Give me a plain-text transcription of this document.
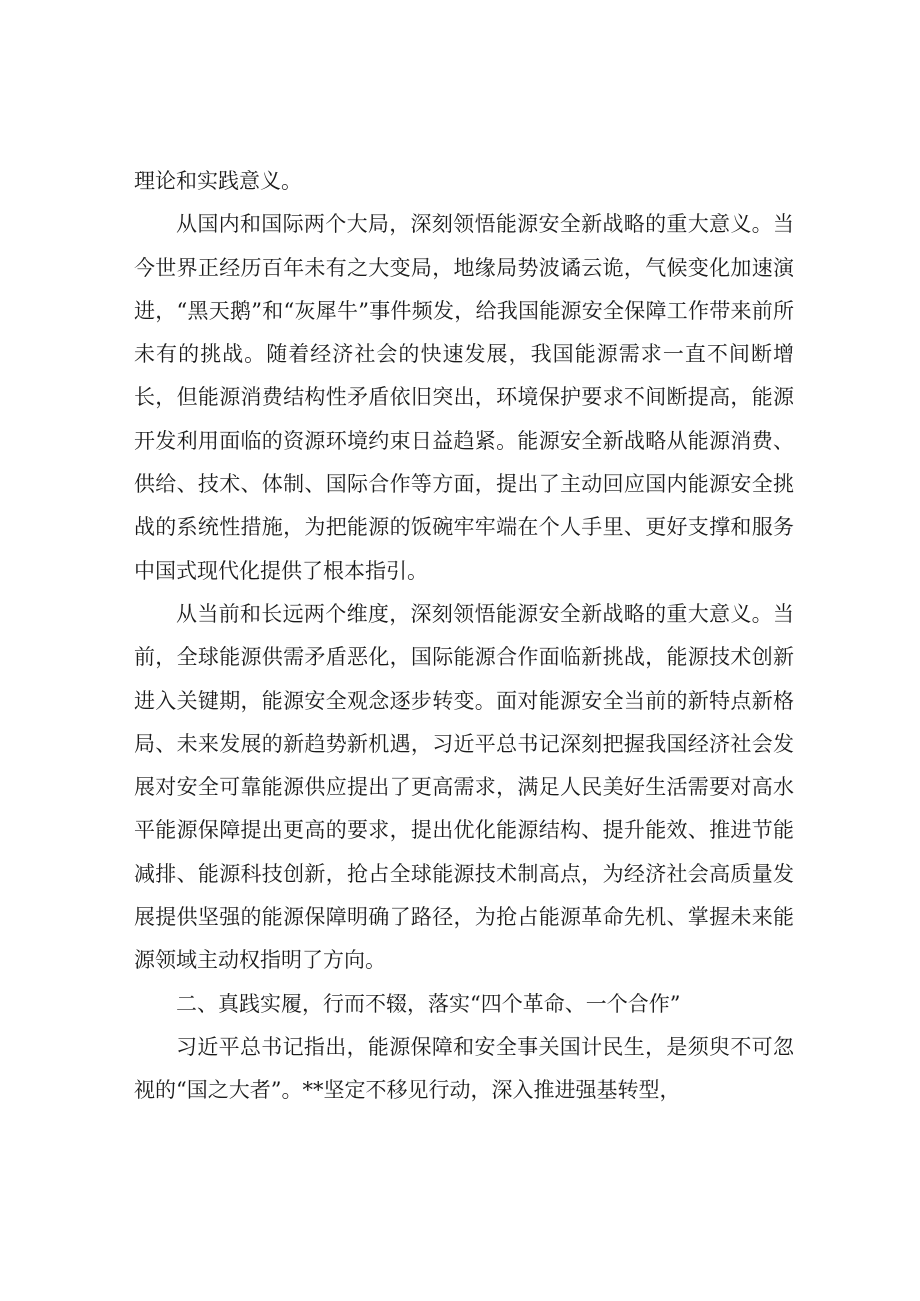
理论和实践意义。

从国内和国际两个大局，深刻领悟能源安全新战略的重大意义。当今世界正经历百年未有之大变局，地缘局势波谲云诡，气候变化加速演进，“黑天鹅”和“灰犀牛”事件频发，给我国能源安全保障工作带来前所未有的挑战。随着经济社会的快速发展，我国能源需求一直不间断增长，但能源消费结构性矛盾依旧突出，环境保护要求不间断提高，能源开发利用面临的资源环境约束日益趋紧。能源安全新战略从能源消费、供给、技术、体制、国际合作等方面，提出了主动回应国内能源安全挑战的系统性措施，为把能源的饭碗牢牢端在个人手里、更好支撑和服务中国式现代化提供了根本指引。

从当前和长远两个维度，深刻领悟能源安全新战略的重大意义。当前，全球能源供需矛盾恶化，国际能源合作面临新挑战，能源技术创新进入关键期，能源安全观念逐步转变。面对能源安全当前的新特点新格局、未来发展的新趋势新机遇，习近平总书记深刻把握我国经济社会发展对安全可靠能源供应提出了更高需求，满足人民美好生活需要对高水平能源保障提出更高的要求，提出优化能源结构、提升能效、推进节能减排、能源科技创新，抢占全球能源技术制高点，为经济社会高质量发展提供坚强的能源保障明确了路径，为抢占能源革命先机、掌握未来能源领域主动权指明了方向。

二、真践实履，行而不辍，落实“四个革命、一个合作”

习近平总书记指出，能源保障和安全事关国计民生，是须臾不可忽视的“国之大者”。**坚定不移见行动，深入推进强基转型，
